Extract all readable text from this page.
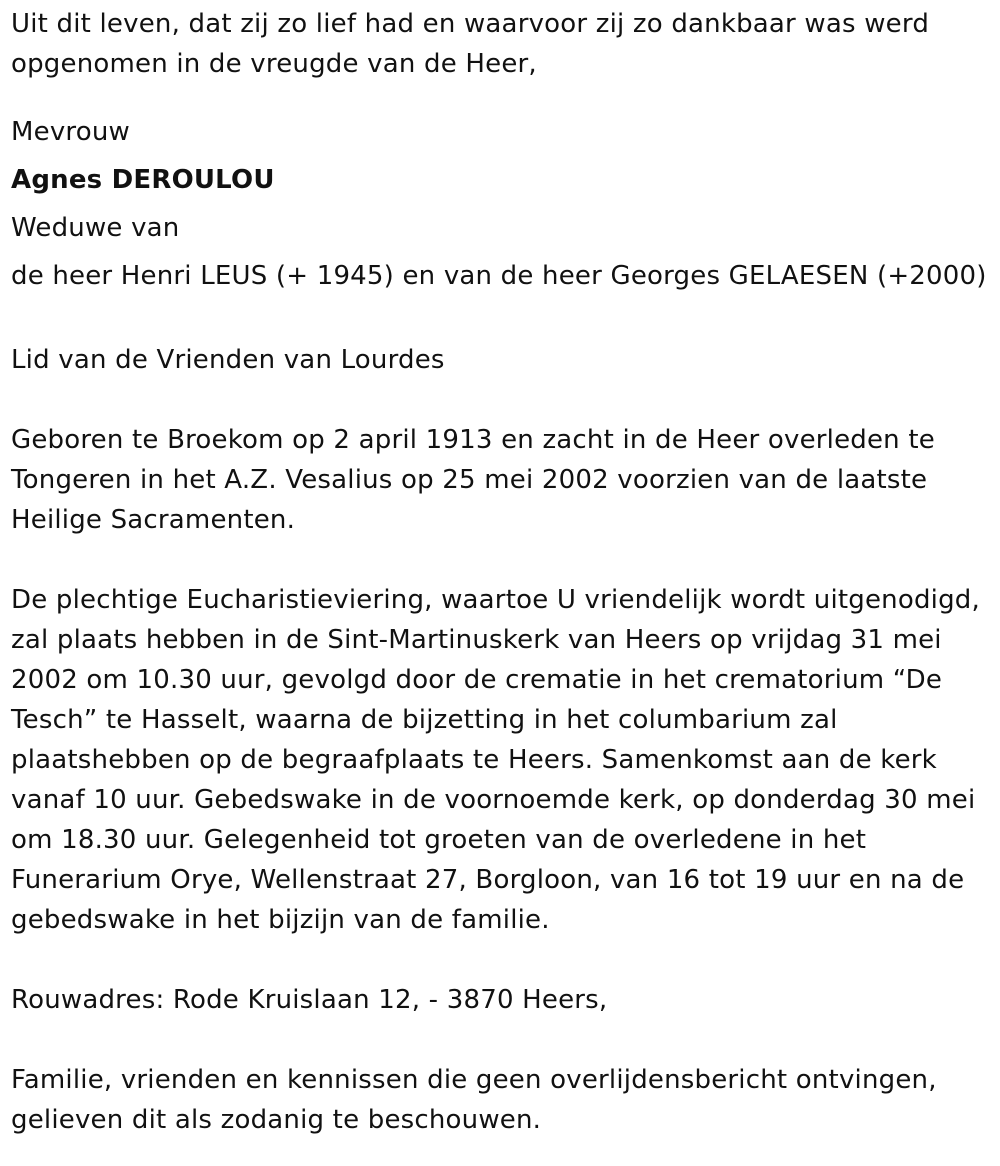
Uit dit leven, dat zij zo lief had en waarvoor zij zo dankbaar was werd
opgenomen in de vreugde van de Heer,
Mevrouw
Agnes DEROULOU
Weduwe van
de heer Henri LEUS (+ 1945) en van de heer Georges GELAESEN (+2000)
Lid van de Vrienden van Lourdes
Geboren te Broekom op 2 april 1913 en zacht in de Heer overleden te
Tongeren in het A.Z. Vesalius op 25 mei 2002 voorzien van de laatste
Heilige Sacramenten.
De plechtige Eucharistieviering, waartoe U vriendelijk wordt uitgenodigd,
zal plaats hebben in de Sint-Martinuskerk van Heers op vrijdag 31 mei
2002 om 10.30 uur, gevolgd door de crematie in het crematorium “De
Tesch” te Hasselt, waarna de bijzetting in het columbarium zal
plaatshebben op de begraafplaats te Heers. Samenkomst aan de kerk
vanaf 10 uur. Gebedswake in de voornoemde kerk, op donderdag 30 mei
om 18.30 uur. Gelegenheid tot groeten van de overledene in het
Funerarium Orye, Wellenstraat 27, Borgloon, van 16 tot 19 uur en na de
gebedswake in het bijzijn van de familie.
Rouwadres: Rode Kruislaan 12, - 3870 Heers,
Familie, vrienden en kennissen die geen overlijdensbericht ontvingen,
gelieven dit als zodanig te beschouwen.
